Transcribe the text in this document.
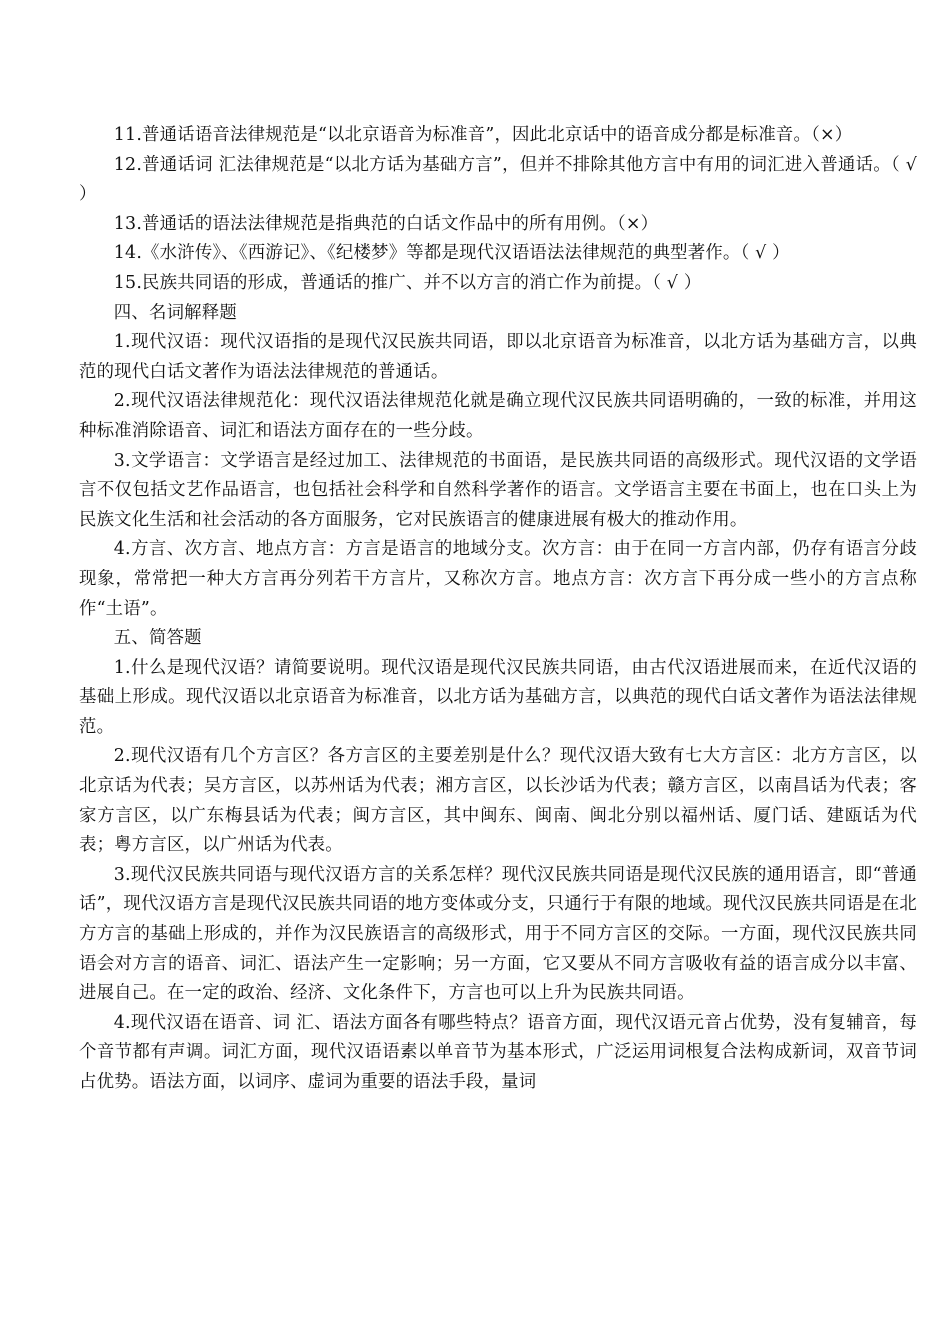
11.普通话语音法律规范是“以北京语音为标准音”，因此北京话中的语音成分都是标准音。（×）

12.普通话词 汇法律规范是“以北方话为基础方言”，但并不排除其他方言中有用的词汇进入普通话。（ √ ）

13.普通话的语法法律规范是指典范的白话文作品中的所有用例。（×）

14.《水浒传》、《西游记》、《纪楼梦》等都是现代汉语语法法律规范的典型著作。（ √ ）

15.民族共同语的形成，普通话的推广、并不以方言的消亡作为前提。（ √ ）

四、名词解释题

1.现代汉语：现代汉语指的是现代汉民族共同语，即以北京语音为标准音，以北方话为基础方言，以典范的现代白话文著作为语法法律规范的普通话。

2.现代汉语法律规范化：现代汉语法律规范化就是确立现代汉民族共同语明确的，一致的标准，并用这种标准消除语音、词汇和语法方面存在的一些分歧。

3.文学语言：文学语言是经过加工、法律规范的书面语，是民族共同语的高级形式。现代汉语的文学语言不仅包括文艺作品语言，也包括社会科学和自然科学著作的语言。文学语言主要在书面上，也在口头上为民族文化生活和社会活动的各方面服务，它对民族语言的健康进展有极大的推动作用。

4.方言、次方言、地点方言：方言是语言的地域分支。次方言：由于在同一方言内部，仍存有语言分歧现象，常常把一种大方言再分列若干方言片，又称次方言。地点方言：次方言下再分成一些小的方言点称作“土语”。

五、简答题

1.什么是现代汉语？请简要说明。现代汉语是现代汉民族共同语，由古代汉语进展而来，在近代汉语的基础上形成。现代汉语以北京语音为标准音，以北方话为基础方言，以典范的现代白话文著作为语法法律规范。

2.现代汉语有几个方言区？各方言区的主要差别是什么？现代汉语大致有七大方言区：北方方言区，以北京话为代表；吴方言区，以苏州话为代表；湘方言区，以长沙话为代表；赣方言区，以南昌话为代表；客家方言区，以广东梅县话为代表；闽方言区，其中闽东、闽南、闽北分别以福州话、厦门话、建瓯话为代表；粤方言区，以广州话为代表。

3.现代汉民族共同语与现代汉语方言的关系怎样？现代汉民族共同语是现代汉民族的通用语言，即“普通话”，现代汉语方言是现代汉民族共同语的地方变体或分支，只通行于有限的地域。现代汉民族共同语是在北方方言的基础上形成的，并作为汉民族语言的高级形式，用于不同方言区的交际。一方面，现代汉民族共同语会对方言的语音、词汇、语法产生一定影响；另一方面，它又要从不同方言吸收有益的语言成分以丰富、进展自己。在一定的政治、经济、文化条件下，方言也可以上升为民族共同语。

4.现代汉语在语音、词 汇、语法方面各有哪些特点？语音方面，现代汉语元音占优势，没有复辅音，每个音节都有声调。词汇方面，现代汉语语素以单音节为基本形式，广泛运用词根复合法构成新词，双音节词占优势。语法方面，以词序、虚词为重要的语法手段，量词
